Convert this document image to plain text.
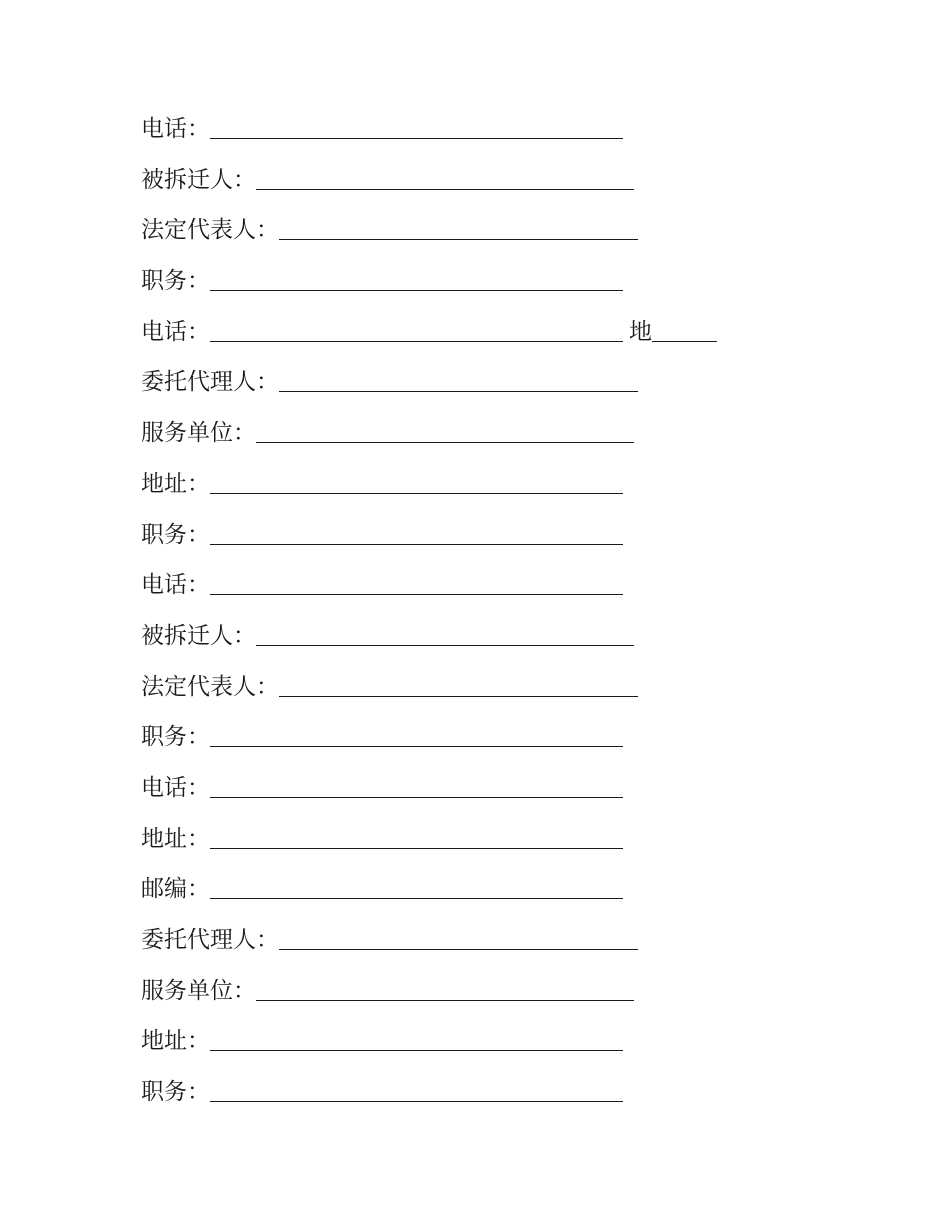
电话：
被拆迁人：
法定代表人：
职务：
电话：	地
委托代理人：
服务单位：
地址：
职务：
电话：
被拆迁人：
法定代表人：
职务：
电话：
地址：
邮编：
委托代理人：
服务单位：
地址：
职务：
